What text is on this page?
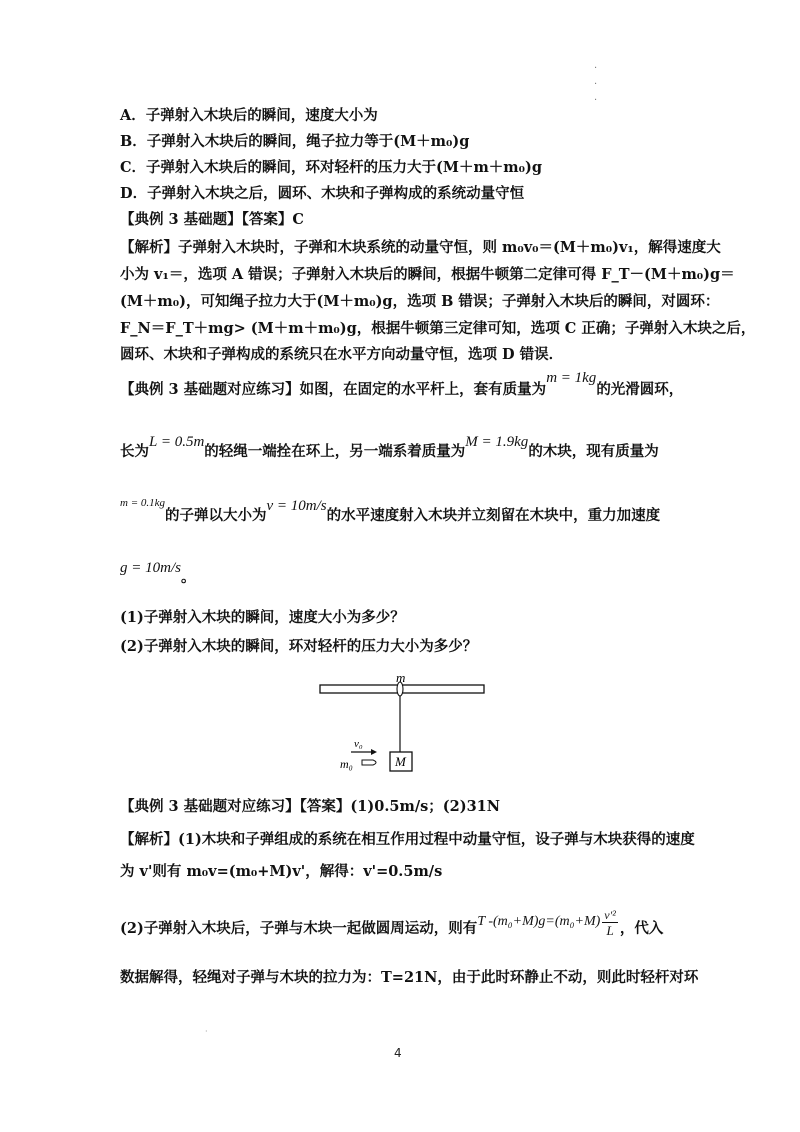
·
·
·
A．子弹射入木块后的瞬间，速度大小为
B．子弹射入木块后的瞬间，绳子拉力等于(M＋m₀)g
C．子弹射入木块后的瞬间，环对轻杆的压力大于(M＋m＋m₀)g
D．子弹射入木块之后，圆环、木块和子弹构成的系统动量守恒
【典例 3 基础题】【答案】C
【解析】子弹射入木块时，子弹和木块系统的动量守恒，则 m₀v₀＝(M＋m₀)v₁，解得速度大
小为 v₁＝，选项 A 错误；子弹射入木块后的瞬间，根据牛顿第二定律可得 F_T－(M＋m₀)g＝
(M＋m₀)，可知绳子拉力大于(M＋m₀)g，选项 B 错误；子弹射入木块后的瞬间，对圆环：
F_N＝F_T＋mg> (M＋m＋m₀)g，根据牛顿第三定律可知，选项 C 正确；子弹射入木块之后，
圆环、木块和子弹构成的系统只在水平方向动量守恒，选项 D 错误．
【典例 3 基础题对应练习】如图，在固定的水平杆上，套有质量为m = 1kg的光滑圆环，
长为L = 0.5m的轻绳一端拴在环上，另一端系着质量为M = 1.9kg的木块，现有质量为
$^{m = 0.1kg}$的子弹以大小为v = 10m/s的水平速度射入木块并立刻留在木块中，重力加速度
g = 10m/s。
(1)子弹射入木块的瞬间，速度大小为多少？
(2)子弹射入木块的瞬间，环对轻杆的压力大小为多少？
m
M
v₀
m₀
【典例 3 基础题对应练习】【答案】(1)0.5m/s；(2)31N
【解析】(1)木块和子弹组成的系统在相互作用过程中动量守恒，设子弹与木块获得的速度
为 v'则有 m₀v=(m₀+M)v'，解得：v'=0.5m/s
(2)子弹射入木块后，子弹与木块一起做圆周运动，则有T $-(m_0+M)g=(m_0+M) \frac{\text{v′²}}{L}$ ，代入
数据解得，轻绳对子弹与木块的拉力为：T=21N，由于此时环静止不动，则此时轻杆对环
·
4
